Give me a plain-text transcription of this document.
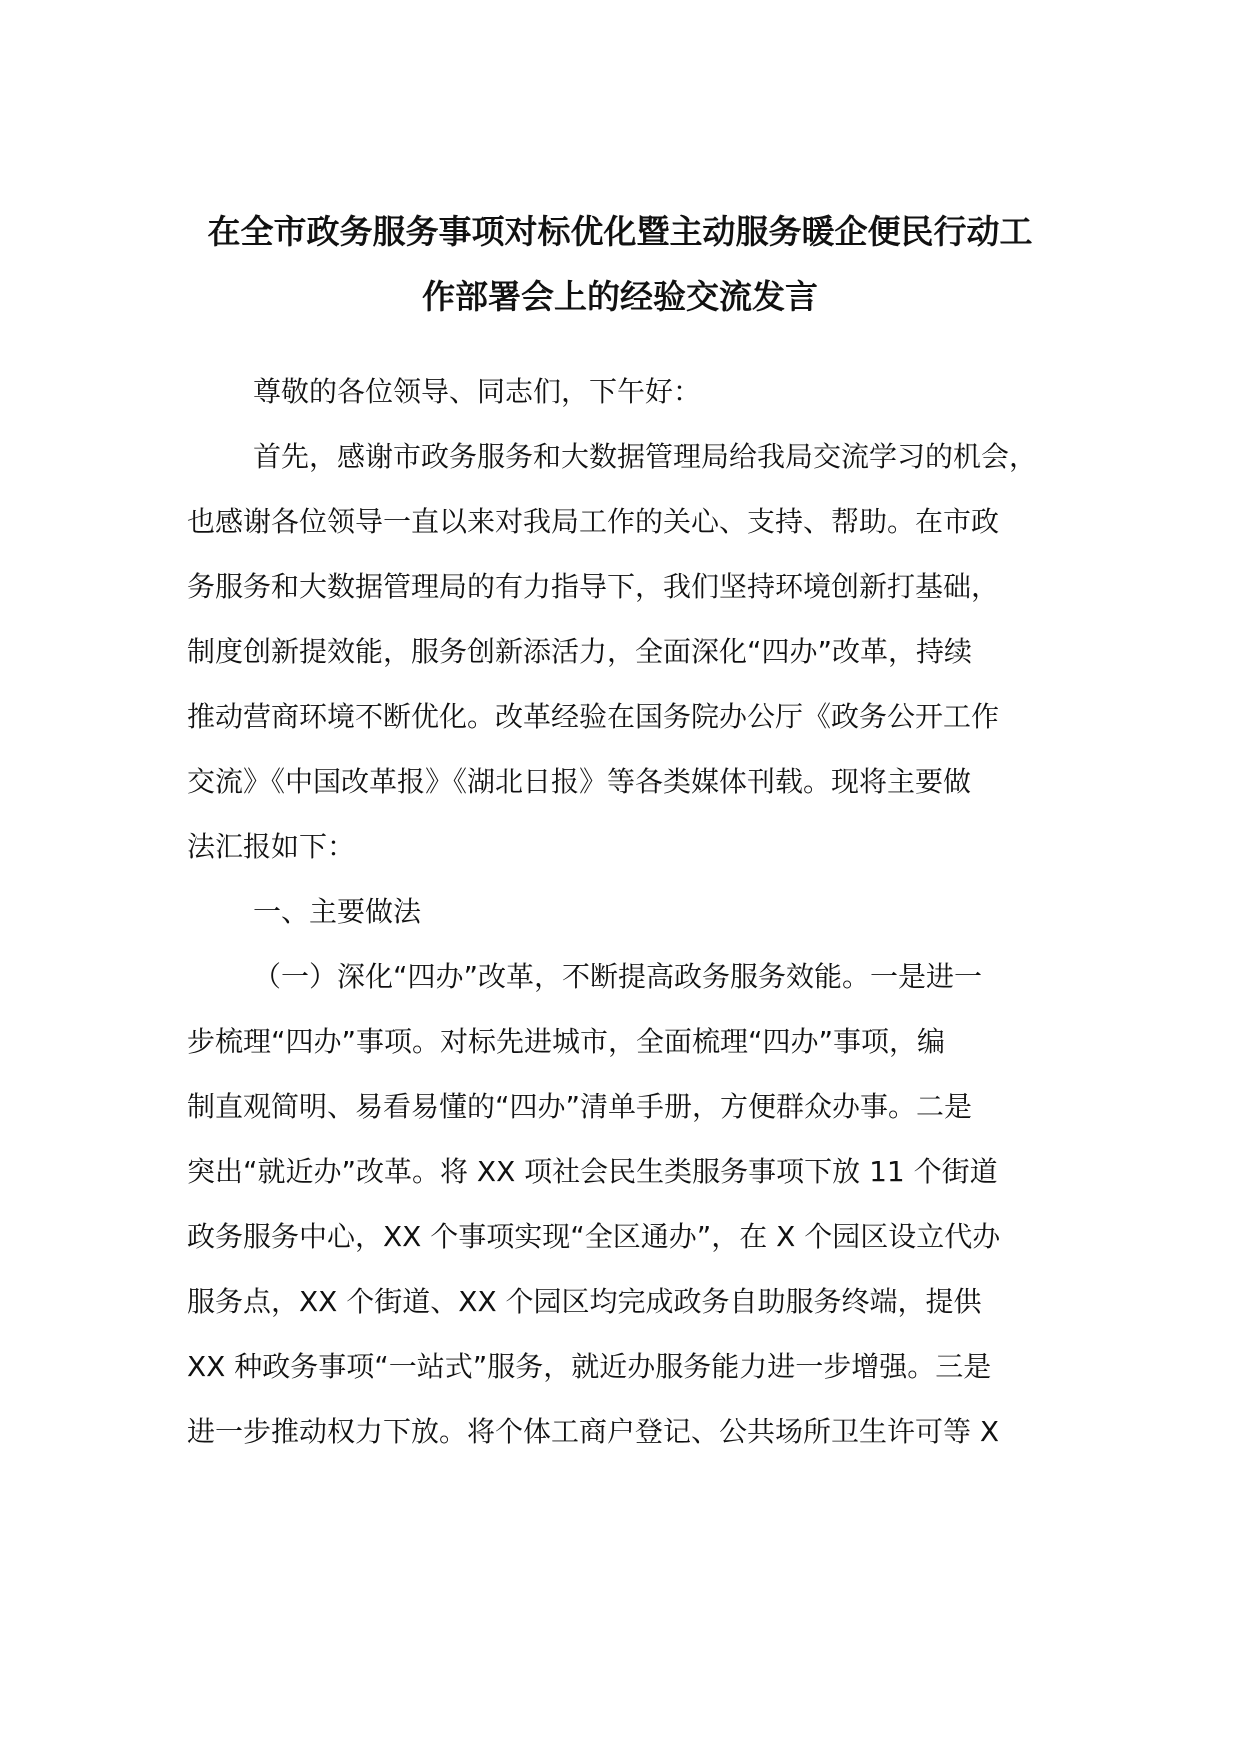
在全市政务服务事项对标优化暨主动服务暖企便民行动工
作部署会上的经验交流发言
尊敬的各位领导、同志们，下午好：
首先，感谢市政务服务和大数据管理局给我局交流学习的机会，
也感谢各位领导一直以来对我局工作的关心、支持、帮助。在市政
务服务和大数据管理局的有力指导下，我们坚持环境创新打基础，
制度创新提效能，服务创新添活力，全面深化“四办”改革，持续
推动营商环境不断优化。改革经验在国务院办公厅《政务公开工作
交流》《中国改革报》《湖北日报》等各类媒体刊载。现将主要做
法汇报如下：
一、主要做法
（一）深化“四办”改革，不断提高政务服务效能。一是进一
步梳理“四办”事项。对标先进城市，全面梳理“四办”事项，编
制直观简明、易看易懂的“四办”清单手册，方便群众办事。二是
突出“就近办”改革。将 XX 项社会民生类服务事项下放 11 个街道
政务服务中心，XX 个事项实现“全区通办”，在 X 个园区设立代办
服务点，XX 个街道、XX 个园区均完成政务自助服务终端，提供
XX 种政务事项“一站式”服务，就近办服务能力进一步增强。三是
进一步推动权力下放。将个体工商户登记、公共场所卫生许可等 X
